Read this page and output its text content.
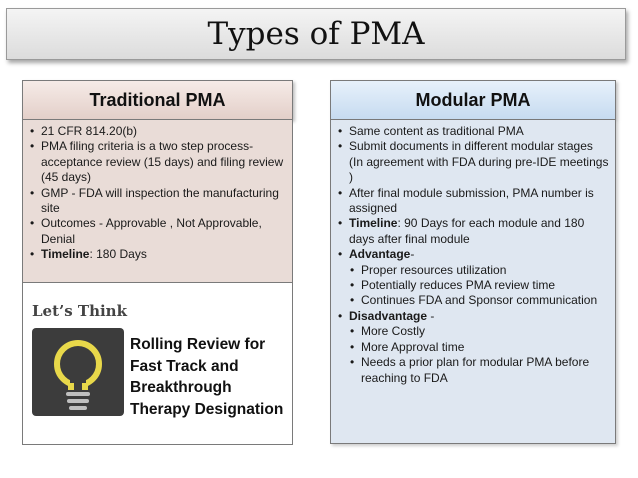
Types of PMA
Traditional PMA
• 21 CFR 814.20(b)
• PMA filing criteria is a two step process-acceptance review (15 days) and filing review (45 days)
• GMP - FDA will inspection the manufacturing site
• Outcomes - Approvable , Not Approvable, Denial
• Timeline: 180 Days
Let’s Think
Rolling Review for
Fast Track and
Breakthrough
Therapy Designation
Modular PMA
• Same content as traditional PMA
• Submit documents in different modular stages (In agreement with FDA during pre-IDE meetings )
• After final module submission, PMA number is assigned
• Timeline: 90 Days for each module and 180 days after final module
• Advantage-
• Proper resources utilization
• Potentially reduces PMA review time
• Continues FDA and Sponsor communication
• Disadvantage -
• More Costly
• More Approval time
• Needs a prior plan for modular PMA before reaching to FDA
